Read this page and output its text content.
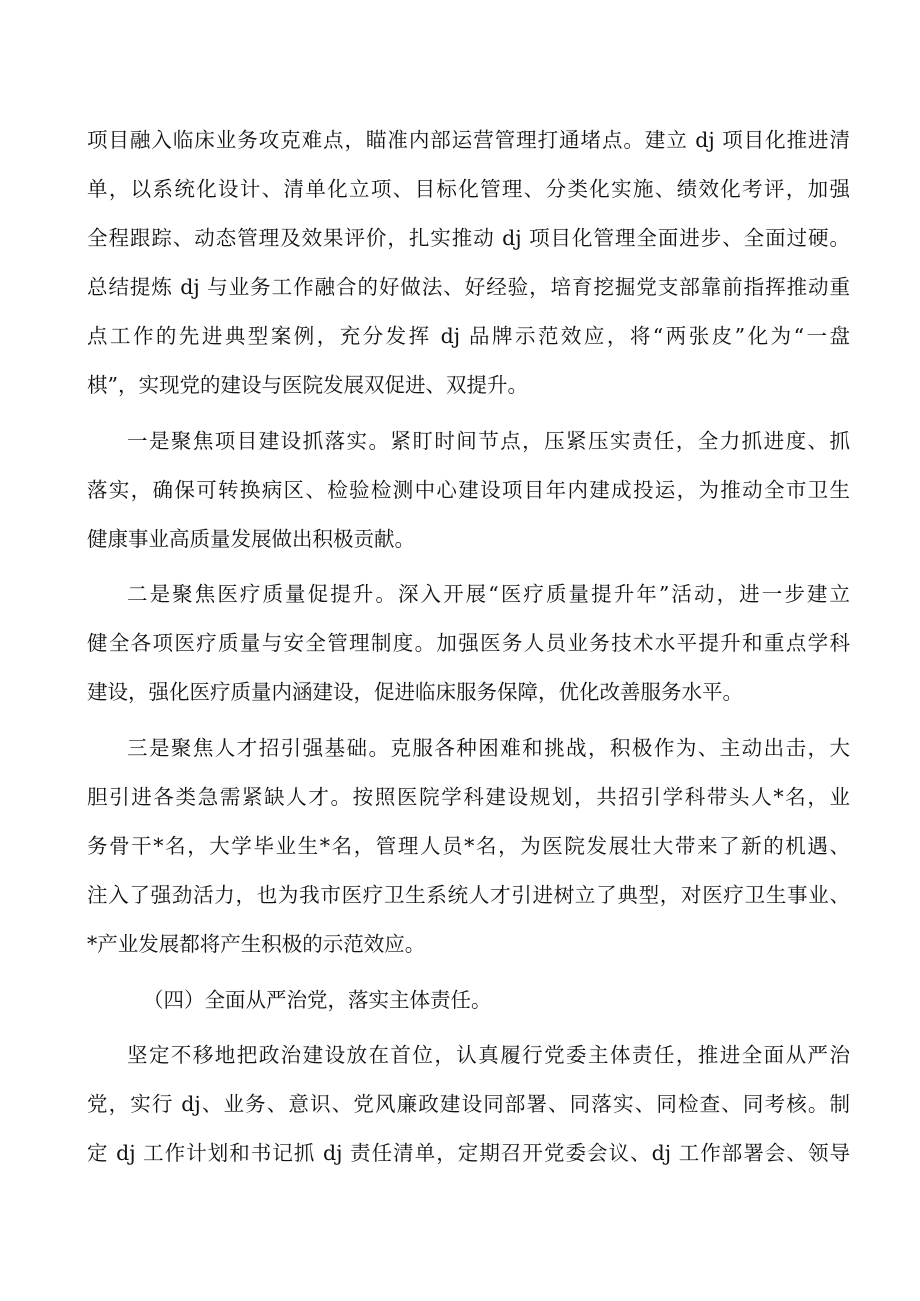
项目融入临床业务攻克难点，瞄准内部运营管理打通堵点。建立 dj 项目化推进清
单，以系统化设计、清单化立项、目标化管理、分类化实施、绩效化考评，加强
全程跟踪、动态管理及效果评价，扎实推动 dj 项目化管理全面进步、全面过硬。
总结提炼 dj 与业务工作融合的好做法、好经验，培育挖掘党支部靠前指挥推动重
点工作的先进典型案例，充分发挥 dj 品牌示范效应，将“两张皮”化为“一盘
棋”，实现党的建设与医院发展双促进、双提升。
一是聚焦项目建设抓落实。紧盯时间节点，压紧压实责任，全力抓进度、抓
落实，确保可转换病区、检验检测中心建设项目年内建成投运，为推动全市卫生
健康事业高质量发展做出积极贡献。
二是聚焦医疗质量促提升。深入开展“医疗质量提升年”活动，进一步建立
健全各项医疗质量与安全管理制度。加强医务人员业务技术水平提升和重点学科
建设，强化医疗质量内涵建设，促进临床服务保障，优化改善服务水平。
三是聚焦人才招引强基础。克服各种困难和挑战，积极作为、主动出击，大
胆引进各类急需紧缺人才。按照医院学科建设规划，共招引学科带头人*名，业
务骨干*名，大学毕业生*名，管理人员*名，为医院发展壮大带来了新的机遇、
注入了强劲活力，也为我市医疗卫生系统人才引进树立了典型，对医疗卫生事业、
*产业发展都将产生积极的示范效应。
（四）全面从严治党，落实主体责任。
坚定不移地把政治建设放在首位，认真履行党委主体责任，推进全面从严治
党，实行 dj、业务、意识、党风廉政建设同部署、同落实、同检查、同考核。制
定 dj 工作计划和书记抓 dj 责任清单，定期召开党委会议、dj 工作部署会、领导
